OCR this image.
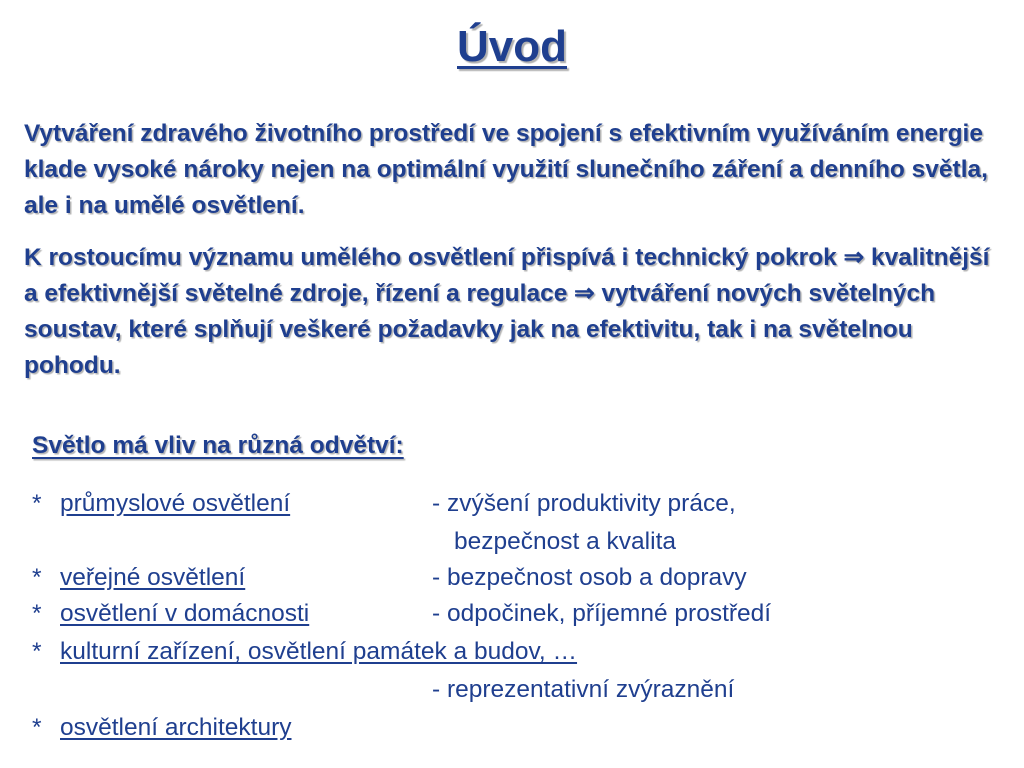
Úvod
Vytváření zdravého životního prostředí ve spojení s efektivním využíváním energie klade vysoké nároky nejen na optimální využití slunečního záření a denního světla, ale i na umělé osvětlení.
K rostoucímu významu umělého osvětlení přispívá i technický pokrok ⇒ kvalitnější a efektivnější světelné zdroje, řízení a regulace ⇒ vytváření nových světelných soustav, které splňují veškeré požadavky jak na efektivitu, tak i na světelnou pohodu.
Světlo má vliv na různá odvětví:
* průmyslové osvětlení	- zvýšení produktivity práce,
bezpečnost a kvalita
* veřejné osvětlení	- bezpečnost osob a dopravy
* osvětlení v domácnosti	- odpočinek, příjemné prostředí
* kulturní zařízení, osvětlení památek a budov, …
- reprezentativní zvýraznění
* osvětlení architektury
